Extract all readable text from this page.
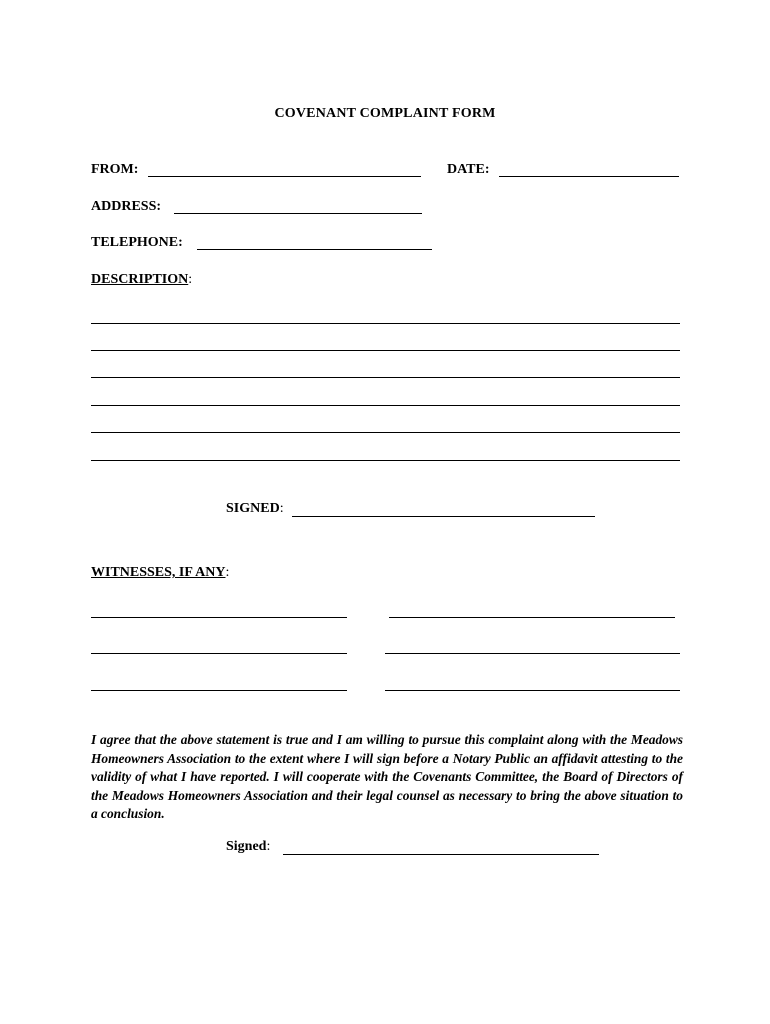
COVENANT COMPLAINT FORM
FROM:	DATE:
ADDRESS:
TELEPHONE:
DESCRIPTION:
SIGNED:
WITNESSES, IF ANY:
I agree that the above statement is true and I am willing to pursue this complaint along with the Meadows Homeowners Association to the extent where I will sign before a Notary Public an affidavit attesting to the validity of what I have reported. I will cooperate with the Covenants Committee, the Board of Directors of the Meadows Homeowners Association and their legal counsel as necessary to bring the above situation to a conclusion.
Signed:
